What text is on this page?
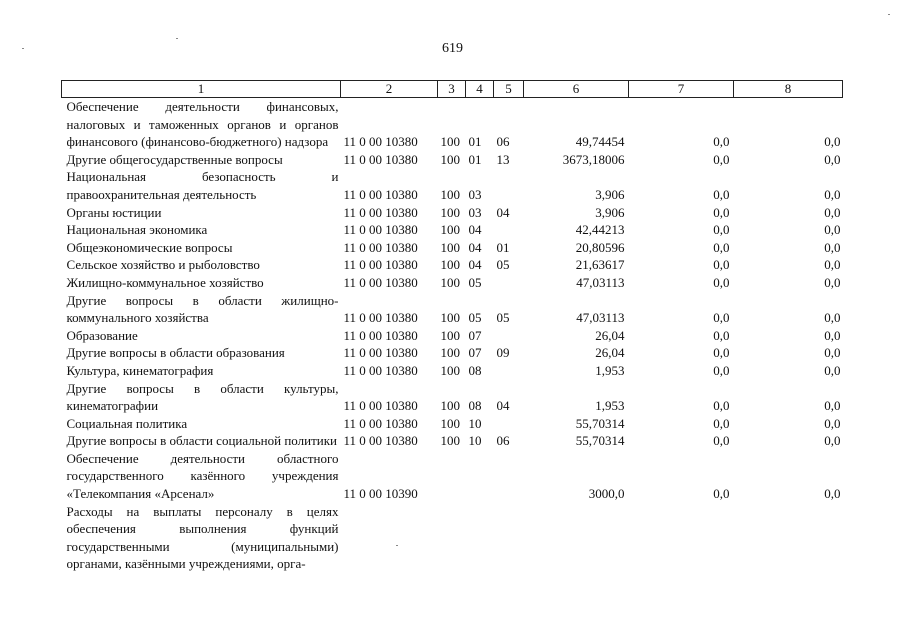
619
1	2	3	4	5	6	7	8
Обеспечение деятельности финансовых, налоговых и таможенных органов и органов финансового (финансово-бюджетного) надзора	11 0 00 10380	100	01	06	49,74454	0,0	0,0
Другие общегосударственные вопросы	11 0 00 10380	100	01	13	3673,18006	0,0	0,0
Национальная безопасность и правоохранительная деятельность	11 0 00 10380	100	03		3,906	0,0	0,0
Органы юстиции	11 0 00 10380	100	03	04	3,906	0,0	0,0
Национальная экономика	11 0 00 10380	100	04		42,44213	0,0	0,0
Общеэкономические вопросы	11 0 00 10380	100	04	01	20,80596	0,0	0,0
Сельское хозяйство и рыболовство	11 0 00 10380	100	04	05	21,63617	0,0	0,0
Жилищно-коммунальное хозяйство	11 0 00 10380	100	05		47,03113	0,0	0,0
Другие вопросы в области жилищно-коммунального хозяйства	11 0 00 10380	100	05	05	47,03113	0,0	0,0
Образование	11 0 00 10380	100	07		26,04	0,0	0,0
Другие вопросы в области образования	11 0 00 10380	100	07	09	26,04	0,0	0,0
Культура, кинематография	11 0 00 10380	100	08		1,953	0,0	0,0
Другие вопросы в области культуры, кинематографии	11 0 00 10380	100	08	04	1,953	0,0	0,0
Социальная политика	11 0 00 10380	100	10		55,70314	0,0	0,0
Другие вопросы в области социальной политики	11 0 00 10380	100	10	06	55,70314	0,0	0,0
Обеспечение деятельности областного государственного казённого учреждения «Телекомпания «Арсенал»	11 0 00 10390				3000,0	0,0	0,0
Расходы на выплаты персоналу в целях обеспечения выполнения функций государственными (муниципальными) органами, казёнными учреждениями, орга-							
